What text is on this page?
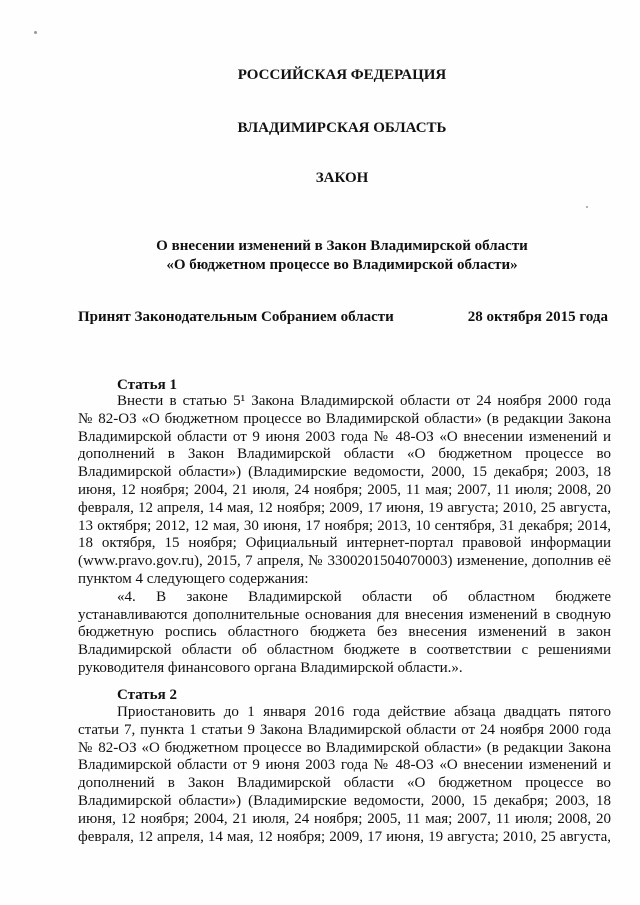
РОССИЙСКАЯ ФЕДЕРАЦИЯ
ВЛАДИМИРСКАЯ ОБЛАСТЬ
ЗАКОН
О внесении изменений в Закон Владимирской области
«О бюджетном процессе во Владимирской области»
Принят Законодательным Собранием области	28 октября 2015 года
Статья 1
Внести в статью 5¹ Закона Владимирской области от 24 ноября 2000 года
№ 82-ОЗ «О бюджетном процессе во Владимирской области» (в редакции Закона
Владимирской области от 9 июня 2003 года № 48-ОЗ «О внесении изменений и
дополнений в Закон Владимирской области «О бюджетном процессе во
Владимирской области») (Владимирские ведомости, 2000, 15 декабря; 2003, 18
июня, 12 ноября; 2004, 21 июля, 24 ноября; 2005, 11 мая; 2007, 11 июля; 2008, 20
февраля, 12 апреля, 14 мая, 12 ноября; 2009, 17 июня, 19 августа; 2010, 25 августа,
13 октября; 2012, 12 мая, 30 июня, 17 ноября; 2013, 10 сентября, 31 декабря; 2014,
18 октября, 15 ноября; Официальный интернет-портал правовой информации
(www.pravo.gov.ru), 2015, 7 апреля, № 3300201504070003) изменение, дополнив её
пунктом 4 следующего содержания:
«4. В законе Владимирской области об областном бюджете
устанавливаются дополнительные основания для внесения изменений в сводную
бюджетную роспись областного бюджета без внесения изменений в закон
Владимирской области об областном бюджете в соответствии с решениями
руководителя финансового органа Владимирской области.».
Статья 2
Приостановить до 1 января 2016 года действие абзаца двадцать пятого
статьи 7, пункта 1 статьи 9 Закона Владимирской области от 24 ноября 2000 года
№ 82-ОЗ «О бюджетном процессе во Владимирской области» (в редакции Закона
Владимирской области от 9 июня 2003 года № 48-ОЗ «О внесении изменений и
дополнений в Закон Владимирской области «О бюджетном процессе во
Владимирской области») (Владимирские ведомости, 2000, 15 декабря; 2003, 18
июня, 12 ноября; 2004, 21 июля, 24 ноября; 2005, 11 мая; 2007, 11 июля; 2008, 20
февраля, 12 апреля, 14 мая, 12 ноября; 2009, 17 июня, 19 августа; 2010, 25 августа,
